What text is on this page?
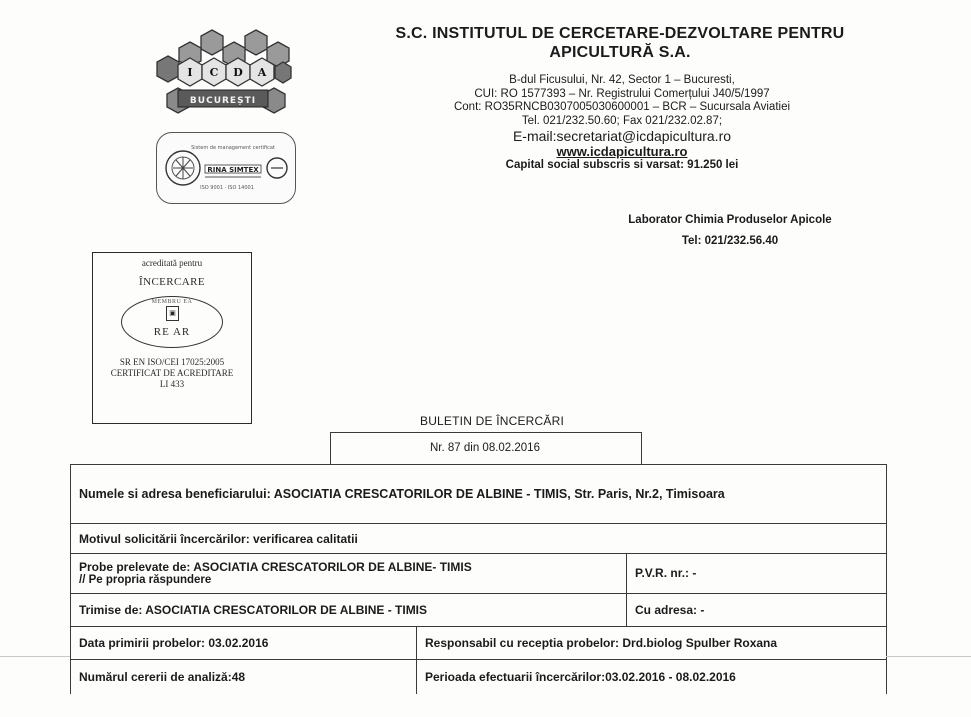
I C D A
BUCUREȘTI
Sistem de management certificat
RINA SIMTEX
ISO 9001 · ISO 14001
S.C. INSTITUTUL DE CERCETARE-DEZVOLTARE PENTRU
APICULTURĂ S.A.
B-dul Ficusului, Nr. 42, Sector 1 – Bucuresti,
CUI: RO 1577393 – Nr. Registrului Comerțului J40/5/1997
Cont: RO35RNCB0307005030600001 – BCR – Sucursala Aviatiei
Tel. 021/232.50.60; Fax 021/232.02.87;
E-mail:secretariat@icdapicultura.ro
www.icdapicultura.ro
Capital social subscris si varsat: 91.250 lei
Laborator Chimia Produselor Apicole
Tel: 021/232.56.40
acreditată pentru
ÎNCERCARE
MEMBRU EA
▣
RE AR
SR EN ISO/CEI 17025:2005
CERTIFICAT DE ACREDITARE
LI 433
BULETIN DE ÎNCERCĂRI
Nr. 87 din 08.02.2016
Numele si adresa beneficiarului: ASOCIATIA CRESCATORILOR DE ALBINE - TIMIS, Str. Paris, Nr.2, Timisoara		
Motivul solicitării încercărilor: verificarea calitatii		

Probe prelevate de: ASOCIATIA CRESCATORILOR DE ALBINE- TIMIS
// Pe propria răspundere		P.V.R. nr.: -
Trimise de: ASOCIATIA CRESCATORILOR DE ALBINE - TIMIS		Cu adresa: -
Data primirii probelor: 03.02.2016	Responsabil cu receptia probelor: Drd.biolog Spulber Roxana	
Numărul cererii de analiză:48	Perioada efectuarii încercărilor:03.02.2016 - 08.02.2016	
